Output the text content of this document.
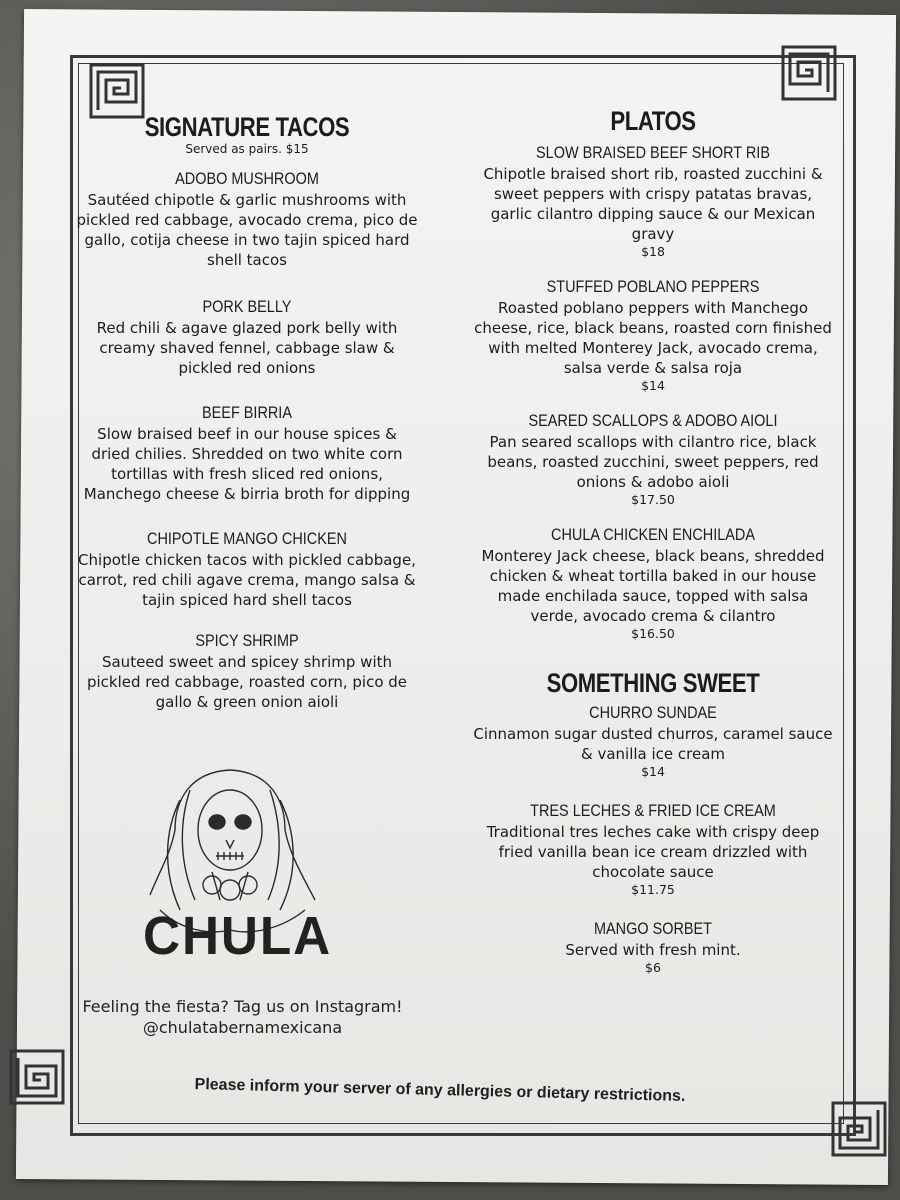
SIGNATURE TACOS
Served as pairs. $15
ADOBO MUSHROOM
Sautéed chipotle & garlic mushrooms with pickled red cabbage, avocado crema, pico de gallo, cotija cheese in two tajin spiced hard shell tacos
PORK BELLY
Red chili & agave glazed pork belly with creamy shaved fennel, cabbage slaw & pickled red onions
BEEF BIRRIA
Slow braised beef in our house spices & dried chilies. Shredded on two white corn tortillas with fresh sliced red onions, Manchego cheese & birria broth for dipping
CHIPOTLE MANGO CHICKEN
Chipotle chicken tacos with pickled cabbage, carrot, red chili agave crema, mango salsa & tajin spiced hard shell tacos
SPICY SHRIMP
Sauteed sweet and spicey shrimp with pickled red cabbage, roasted corn, pico de gallo & green onion aioli
PLATOS
SLOW BRAISED BEEF SHORT RIB
Chipotle braised short rib, roasted zucchini & sweet peppers with crispy patatas bravas, garlic cilantro dipping sauce & our Mexican gravy
$18
STUFFED POBLANO PEPPERS
Roasted poblano peppers with Manchego cheese, rice, black beans, roasted corn finished with melted Monterey Jack, avocado crema, salsa verde & salsa roja
$14
SEARED SCALLOPS & ADOBO AIOLI
Pan seared scallops with cilantro rice, black beans, roasted zucchini, sweet peppers, red onions & adobo aioli
$17.50
CHULA CHICKEN ENCHILADA
Monterey Jack cheese, black beans, shredded chicken & wheat tortilla baked in our house made enchilada sauce, topped with salsa verde, avocado crema & cilantro
$16.50
SOMETHING SWEET
CHURRO SUNDAE
Cinnamon sugar dusted churros, caramel sauce & vanilla ice cream
$14
TRES LECHES & FRIED ICE CREAM
Traditional tres leches cake with crispy deep fried vanilla bean ice cream drizzled with chocolate sauce
$11.75
MANGO SORBET
Served with fresh mint.
$6
CHULA
Feeling the fiesta? Tag us on Instagram!
@chulatabernamexicana
Please inform your server of any allergies or dietary restrictions.
